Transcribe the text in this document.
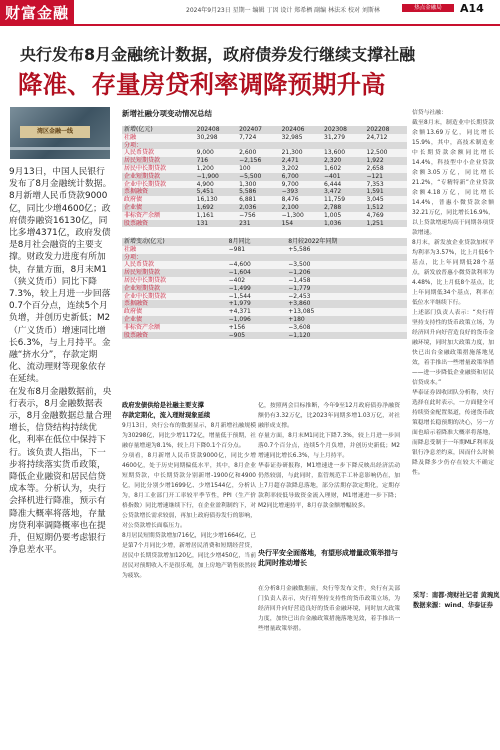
财富金融	2024年9月23日 星期一 编辑 丁因 设计 郑希栖 副编 林法禾 校对 刘斯林	热点金融局	A14
央行发布8月金融统计数据，政府债券发行继续支撑社融
降准、存量房贷利率调降预期升高
湾区金融一线

9月13日，中国人民银行发布了8月金融统计数据。

8月新增人民币贷款9000亿，同比少增4600亿；政府债券融资16130亿，同比多增4371亿，政府发债是8月社会融资的主要支撑。财政发力进度有所加快，存量方面，8月末M1（狭义货币）同比下降7.3%，较上月进一步回落0.7个百分点，连续5个月负增，并创历史新低；M2（广义货币）增速同比增长6.3%，与上月持平。金融“挤水分”，存款定期化、流动理财等现象依存在延续。

在发布8月金融数据前，央行表示，8月金融数据表示，8月金融数据总量合理增长，信贷结构持续优化，利率在低位中保持下行。该负责人指出，下一步将持续落实货币政策，降低企业融资和居民信贷成本等。分析认为，央行会择机进行降准，预示有降准大概率将落地，存量房贷利率调降概率也在提升，但短期仍要考虑银行净息差水平。

新增社融分项变动情况总结
新增(亿元)	202408	202407	202406	202308	202208
社融	30,298	7,724	32,985	31,279	24,712
分项：					
人民币贷款	9,000	2,600	21,300	13,600	12,500
居民短期贷款	716	−2,156	2,471	2,320	1,922
居民中长期贷款	1,200	100	3,202	1,602	2,658
企业短期贷款	−1,900	−5,500	6,700	−401	−121
企业中长期贷款	4,900	1,300	9,700	6,444	7,353
票据融资	5,451	5,586	−393	3,472	1,591
政府债	16,130	6,881	8,476	11,759	3,045
企业债	1,692	2,036	2,100	2,788	1,512
非标资产余额	1,161	−756	−1,300	1,005	4,769
股票融资	131	231	154	1,036	1,251
新增变动(亿元)	8月同比	8月较2022年同期
社融	−981	+5,586
分项：		
人民币贷款	−4,600	−3,500
居民短期贷款	−1,604	−1,206
居民中长期贷款	−402	−1,458
企业短期贷款	−1,499	−1,779
企业中长期贷款	−1,544	−2,453
票据融资	+1,979	+3,860
政府债	+4,371	+13,085
企业债	−1,096	+180
非标资产余额	+156	−3,608
股票融资	−905	−1,120

信贷与社融：

截至8月末，制造业中长期贷款余额13.69万亿，同比增长15.9%，其中，高技术制造业中长期贷款余额同比增长14.4%，科技型中小企业贷款余额3.05万亿，同比增长21.2%，“专精特新”企业贷款余额4.18万亿，同比增长14.4%，普惠小微贷款余额32.21万亿，同比增长16.9%，以上贷款增速均高于同期各项贷款增速。

8月末，新发放企业贷款加权平均利率为3.57%，比上月低6个基点，比上年同期低28个基点，新发放普惠小微贷款利率为4.48%，比上月低8个基点，比上年同期低34个基点，利率在低位水平继续下行。

上述部门负责人表示：“央行将坚持支持性的货币政策立场，为经济回升向好营造良好的货币金融环境，同时加大政策力度，加快已出台金融政策措施落地见效，着手推出一些增量政策举措——进一步降低企业融资和居民信贷成本。”

华泰证券固收团队分析称，央行选择在此时表示，一方面健全可持续资金配置渠道，传递货币政策稳增长稳预期的决心，另一方面也暗示着降准大概率将落地，而降息受制于一年期MLF利率及银行净息差约束，因而什么时候降及降多少仍存在较大不确定性。

政府发债供给是社融主要支撑
存款定期化，流入理财现象延续

9月13日，央行公布的数据显示，8月新增社融规模为30298亿，同比少增1172亿，增量低于预期，社融存量增速为8.1%，较上月下降0.1个百分点。

分项看，8月新增人民币贷款9000亿，同比少增4600亿，处于历史同期偏低水平，其中，8月企业短期贷款，中长期贷款分别新增-1900亿和4900亿，同比分别少增1699亿、少增1544亿，分析认为，8月工业部门开工率较平季节性，PPI（生产价格指数）同比增速继续下行，在企业盈利制约下，对公贷款增长需求较弱，再加上政府债券发行的影响，对公贷款增长面临压力。

8月居民短期贷款增加716亿，同比少增1664亿，已是第7个月同比少增，新增居民消费和短期经营贷，居民中长期贷款增加120亿，同比少增450亿，当前居民对预期收入不是很乐观，加上房地产销售依然较为疲软。

亿，按照两会目标推断，今年9至12月政府债券净融资额仍有3.32万亿，比2023年同期多增1.03万亿，对社融形成支撑。

存量方面，8月末M1同比下降7.3%，较上月进一步回落0.7个百分点，连续5个月负增，并创历史新低；M2增速同比增长6.3%，与上月持平。

华泰证券研报称，M1增速进一步下降反映出经济活动仍然较弱，与此同时，监管规范手工补息影响仍在，加上7月超存款降息落地，部分活期存款定期化，定期存款利率较低导致资金流入理财，M1增速进一步下降；M2同比增速持平，8月存款金额增幅较多。

央行平安全面落地，有望形成增量政策举措与此同时推动增长

在分析8月金融数据前，央行等发布文件，央行有关部门负责人表示，央行将坚持支持性的货币政策立场，为经济回升向好营造良好的货币金融环境，同时加大政策力度，加快已出台金融政策措施落地见效，着手推出一些增量政策举措。

采写：南都·湾财社记者 黄琬岚
数据来源：wind、华泰证券
